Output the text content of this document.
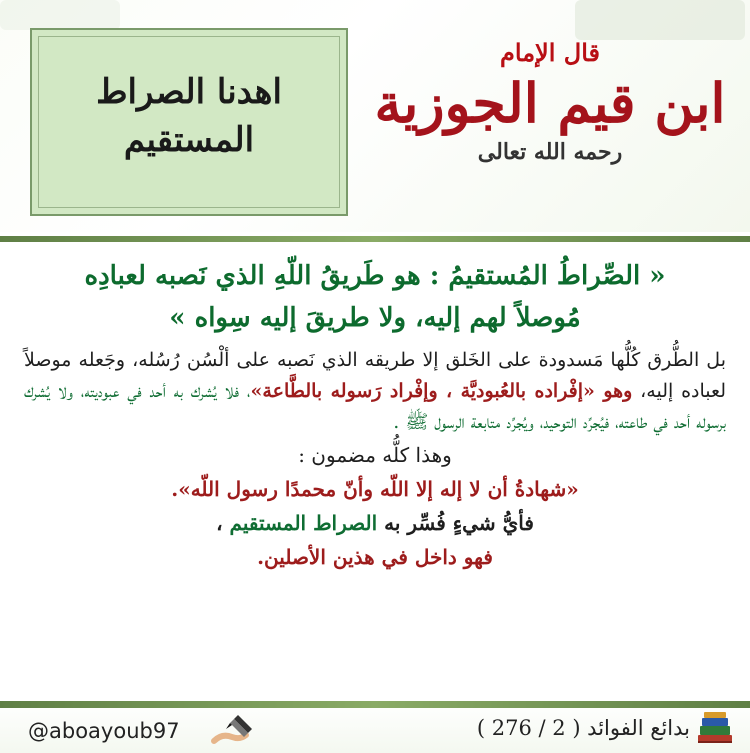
اهدنا الصراط المستقيم
قال الإمام
ابن قيم الجوزية
رحمه الله تعالى

« الصِّراطُ المُستقيمُ : هو طَريقُ اللّهِ الذي نَصبه لعبادِه
مُوصلاً لهم إليه، ولا طريقَ إليه سِواه »

بل الطُّرق كُلُّها مَسدودة على الخَلق إلا طريقه الذي نَصبه على ألْسُن رُسُله، وجَعله موصلاً لعباده إليه، وهو «إفْراده بالعُبوديَّة ، وإفْراد رَسوله بالطَّاعة»، فلا يُشرك به أحد في عبوديته، ولا يُشرك برسوله أحد في طاعته، فيُجرِّد التوحيد، ويُجرِّد متابعة الرسول ﷺ .

وهذا كلُّه مضمون :

«شهادةُ أن لا إله إلا اللّه وأنّ محمدًا رسول اللّه».

فأيُّ شيءٍ فُسِّر به الصراط المستقيم ،

فهو داخل في هذين الأصلين.

@aboayoub97	بدائع الفوائد ( 2 / 276 )
